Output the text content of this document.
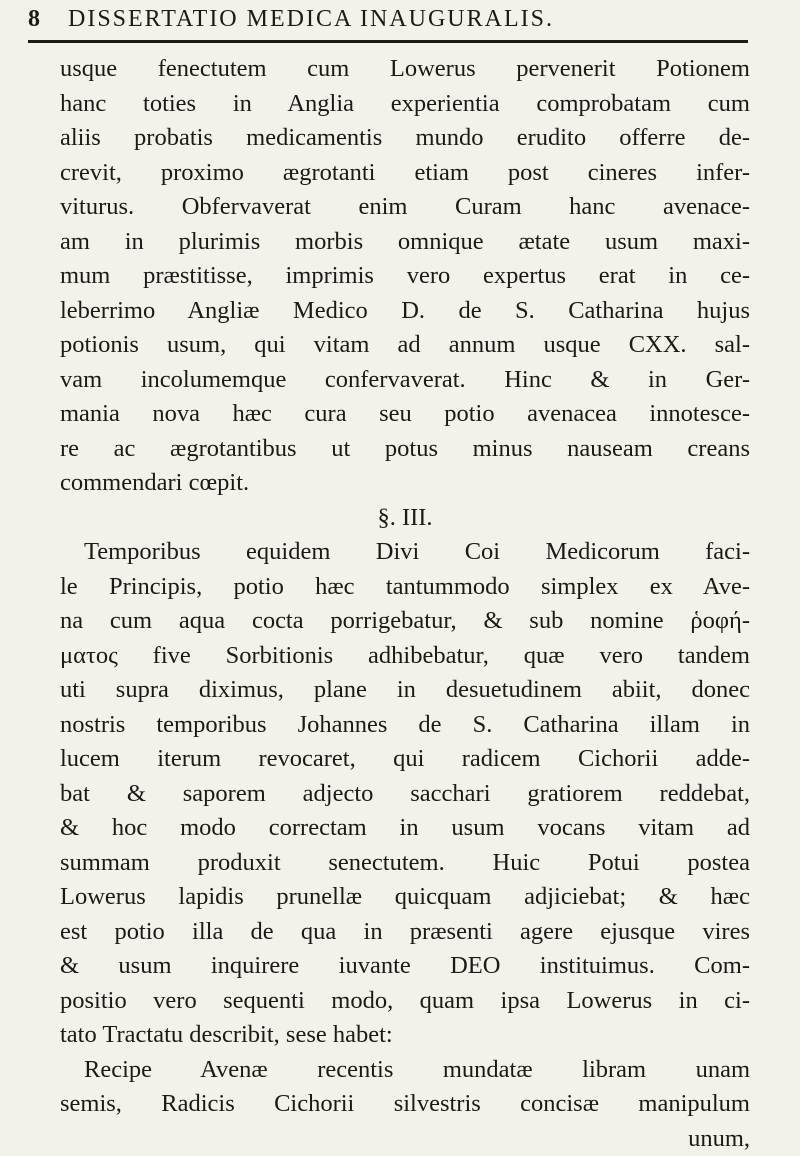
8 DISSERTATIO MEDICA INAUGURALIS.
usque fenectutem cum Lowerus pervenerit Potionem
hanc toties in Anglia experientia comprobatam cum
aliis probatis medicamentis mundo erudito offerre de-
crevit, proximo ægrotanti etiam post cineres infer-
viturus. Obfervaverat enim Curam hanc avenace-
am in plurimis morbis omnique ætate usum maxi-
mum præstitisse, imprimis vero expertus erat in ce-
leberrimo Angliæ Medico D. de S. Catharina hujus
potionis usum, qui vitam ad annum usque CXX. sal-
vam incolumemque confervaverat. Hinc & in Ger-
mania nova hæc cura seu potio avenacea innotesce-
re ac ægrotantibus ut potus minus nauseam creans
commendari cœpit.
§. III.
Temporibus equidem Divi Coi Medicorum faci-
le Principis, potio hæc tantummodo simplex ex Ave-
na cum aqua cocta porrigebatur, & sub nomine ῥοφή-
ματος five Sorbitionis adhibebatur, quæ vero tandem
uti supra diximus, plane in desuetudinem abiit, donec
nostris temporibus Johannes de S. Catharina illam in
lucem iterum revocaret, qui radicem Cichorii adde-
bat & saporem adjecto sacchari gratiorem reddebat,
& hoc modo correctam in usum vocans vitam ad
summam produxit senectutem. Huic Potui postea
Lowerus lapidis prunellæ quicquam adjiciebat; & hæc
est potio illa de qua in præsenti agere ejusque vires
& usum inquirere iuvante DEO instituimus. Com-
positio vero sequenti modo, quam ipsa Lowerus in ci-
tato Tractatu describit, sese habet:
Recipe Avenæ recentis mundatæ libram unam
semis, Radicis Cichorii silvestris concisæ manipulum
unum,
